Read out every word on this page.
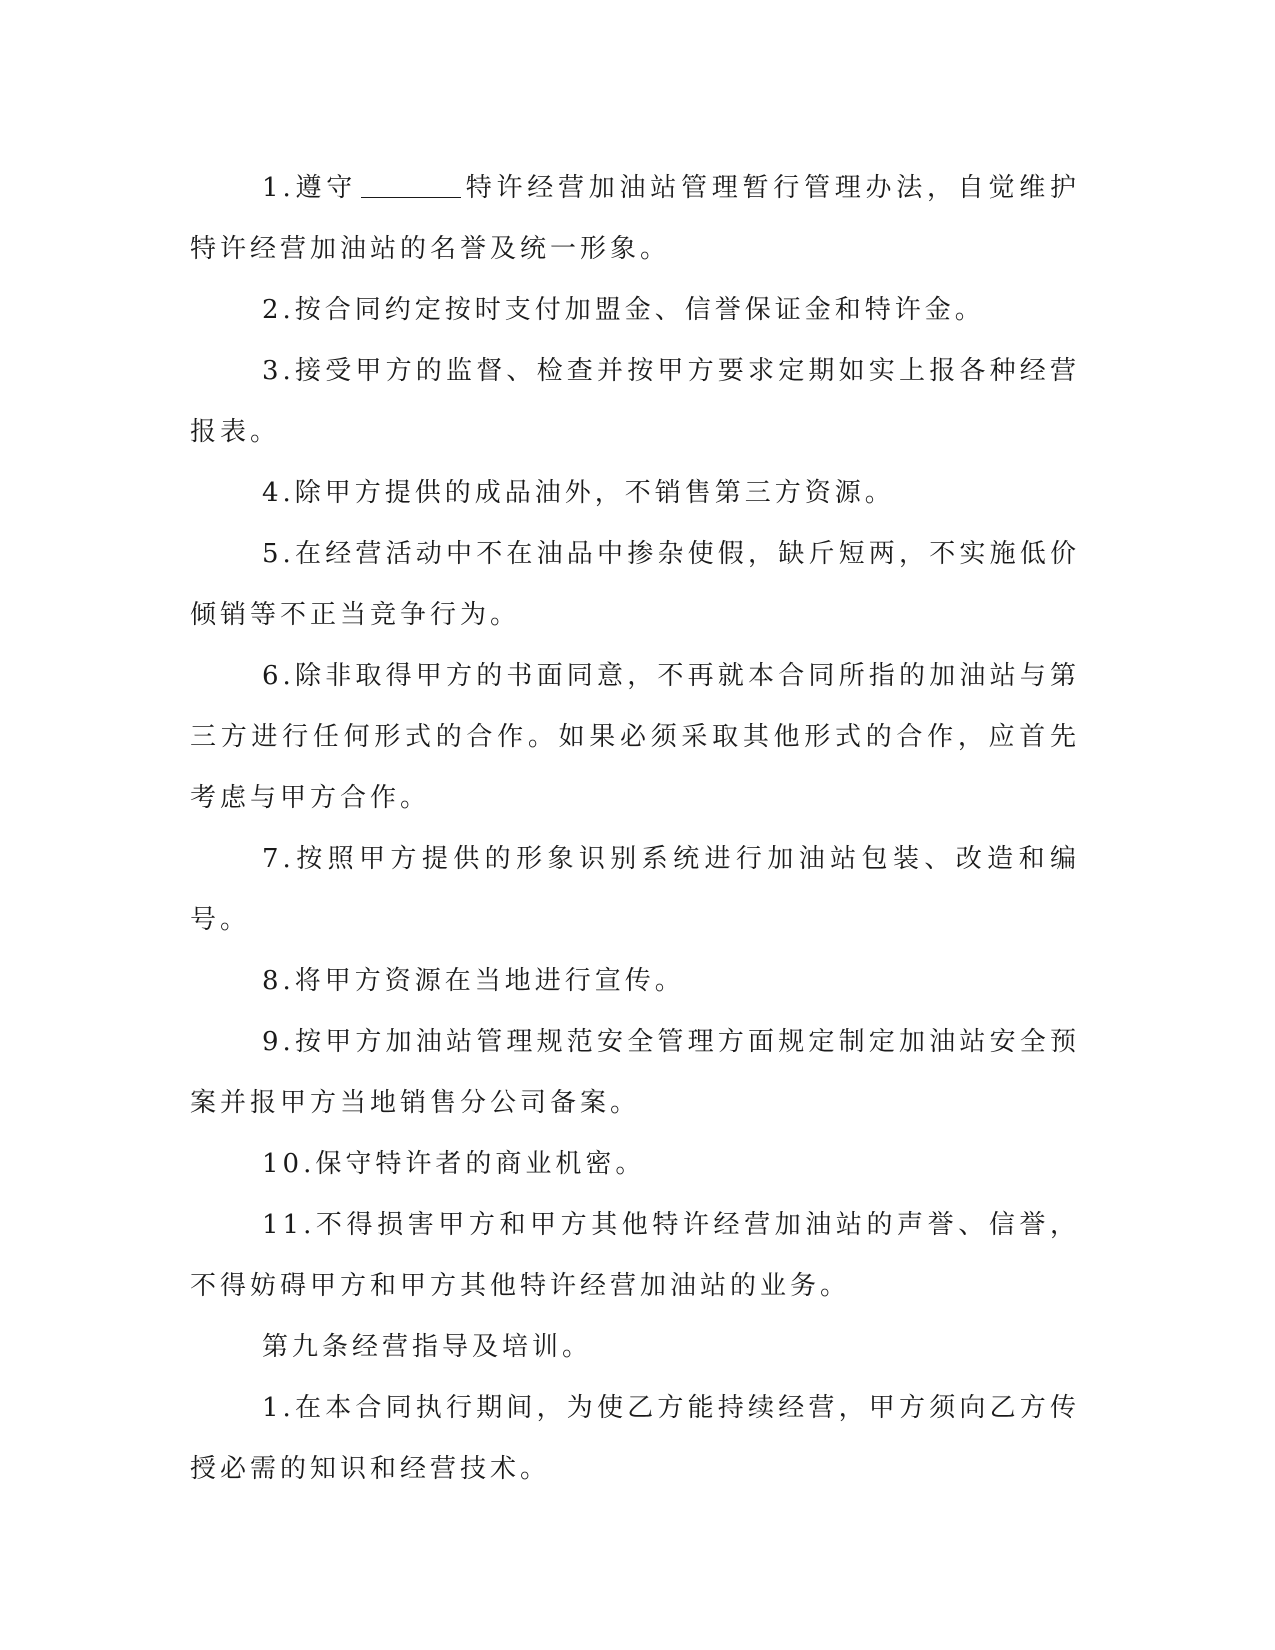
1.遵守	特许经营加油站管理暂行管理办法，自觉维护特许经营加油站的名誉及统一形象。

2.按合同约定按时支付加盟金、信誉保证金和特许金。

3.接受甲方的监督、检查并按甲方要求定期如实上报各种经营报表。

4.除甲方提供的成品油外，不销售第三方资源。

5.在经营活动中不在油品中掺杂使假，缺斤短两，不实施低价倾销等不正当竞争行为。

6.除非取得甲方的书面同意，不再就本合同所指的加油站与第三方进行任何形式的合作。如果必须采取其他形式的合作，应首先考虑与甲方合作。

7.按照甲方提供的形象识别系统进行加油站包装、改造和编号。

8.将甲方资源在当地进行宣传。

9.按甲方加油站管理规范安全管理方面规定制定加油站安全预案并报甲方当地销售分公司备案。

10.保守特许者的商业机密。

11.不得损害甲方和甲方其他特许经营加油站的声誉、信誉，不得妨碍甲方和甲方其他特许经营加油站的业务。

第九条经营指导及培训。

1.在本合同执行期间，为使乙方能持续经营，甲方须向乙方传授必需的知识和经营技术。
